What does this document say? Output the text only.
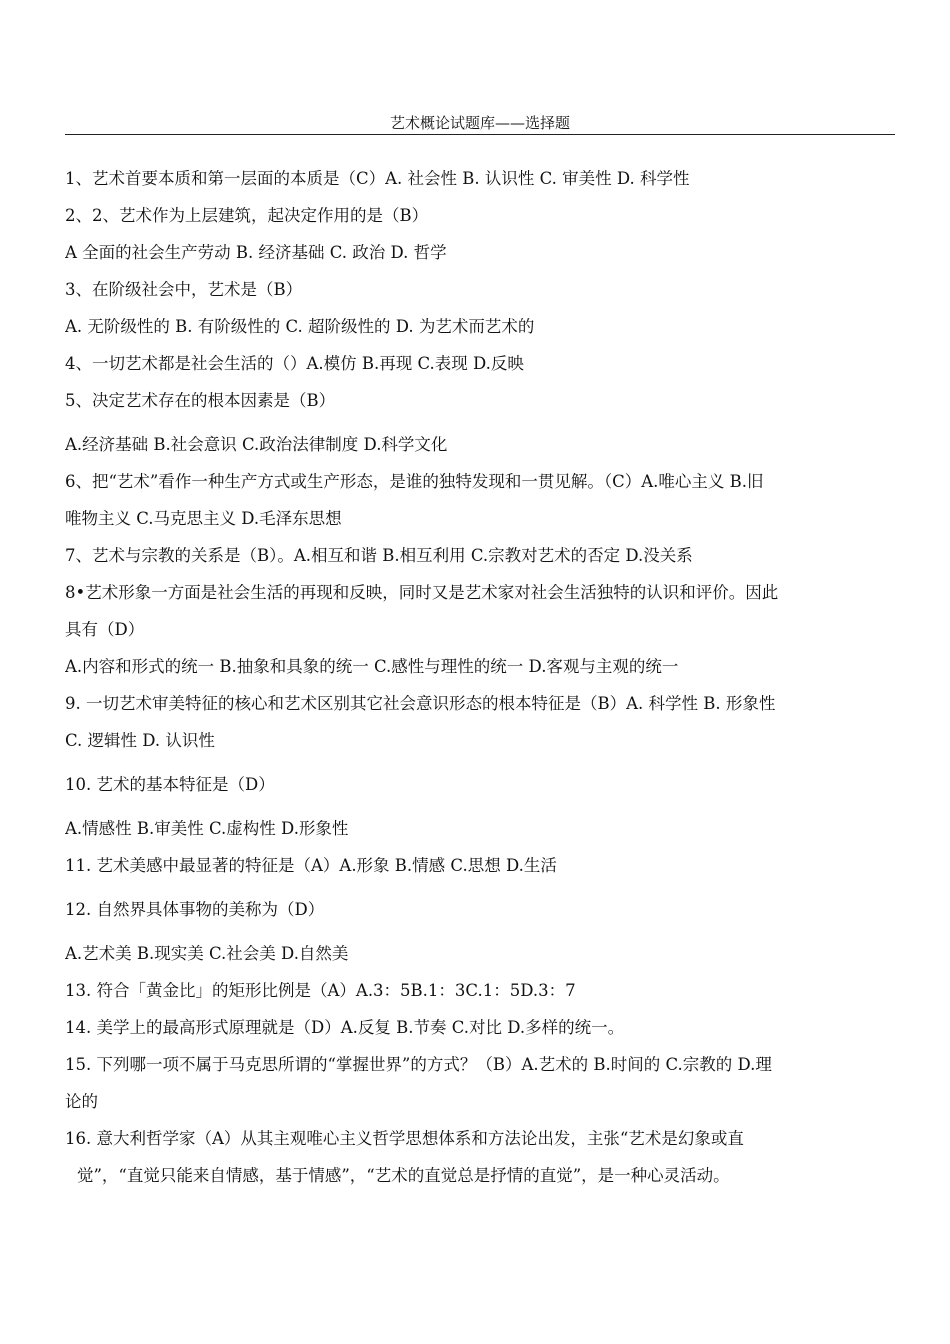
艺术概论试题库——选择题
1、艺术首要本质和第一层面的本质是（C）A. 社会性 B. 认识性 C. 审美性 D. 科学性
2、2、艺术作为上层建筑，起决定作用的是（B）
A 全面的社会生产劳动 B. 经济基础 C. 政治 D. 哲学
3、在阶级社会中，艺术是（B）
A. 无阶级性的 B. 有阶级性的 C. 超阶级性的 D. 为艺术而艺术的
4、一切艺术都是社会生活的（）A.模仿 B.再现 C.表现 D.反映
5、决定艺术存在的根本因素是（B）
A.经济基础 B.社会意识 C.政治法律制度 D.科学文化
6、把“艺术”看作一种生产方式或生产形态，是谁的独特发现和一贯见解。（C）A.唯心主义 B.旧
唯物主义 C.马克思主义 D.毛泽东思想
7、艺术与宗教的关系是（B）。A.相互和谐 B.相互利用 C.宗教对艺术的否定 D.没关系
8•艺术形象一方面是社会生活的再现和反映，同时又是艺术家对社会生活独特的认识和评价。因此
具有（D）
A.内容和形式的统一 B.抽象和具象的统一 C.感性与理性的统一 D.客观与主观的统一
9. 一切艺术审美特征的核心和艺术区别其它社会意识形态的根本特征是（B）A. 科学性 B. 形象性
C. 逻辑性 D. 认识性
10. 艺术的基本特征是（D）
A.情感性 B.审美性 C.虚构性 D.形象性
11. 艺术美感中最显著的特征是（A）A.形象 B.情感 C.思想 D.生活
12. 自然界具体事物的美称为（D）
A.艺术美 B.现实美 C.社会美 D.自然美
13. 符合「黄金比」的矩形比例是（A）A.3：5B.1：3C.1：5D.3：7
14. 美学上的最高形式原理就是（D）A.反复 B.节奏 C.对比 D.多样的统一。
15. 下列哪一项不属于马克思所谓的“掌握世界”的方式？（B）A.艺术的 B.时间的 C.宗教的 D.理
论的
16. 意大利哲学家（A）从其主观唯心主义哲学思想体系和方法论出发，主张“艺术是幻象或直
觉”，“直觉只能来自情感，基于情感”，“艺术的直觉总是抒情的直觉”，是一种心灵活动。
